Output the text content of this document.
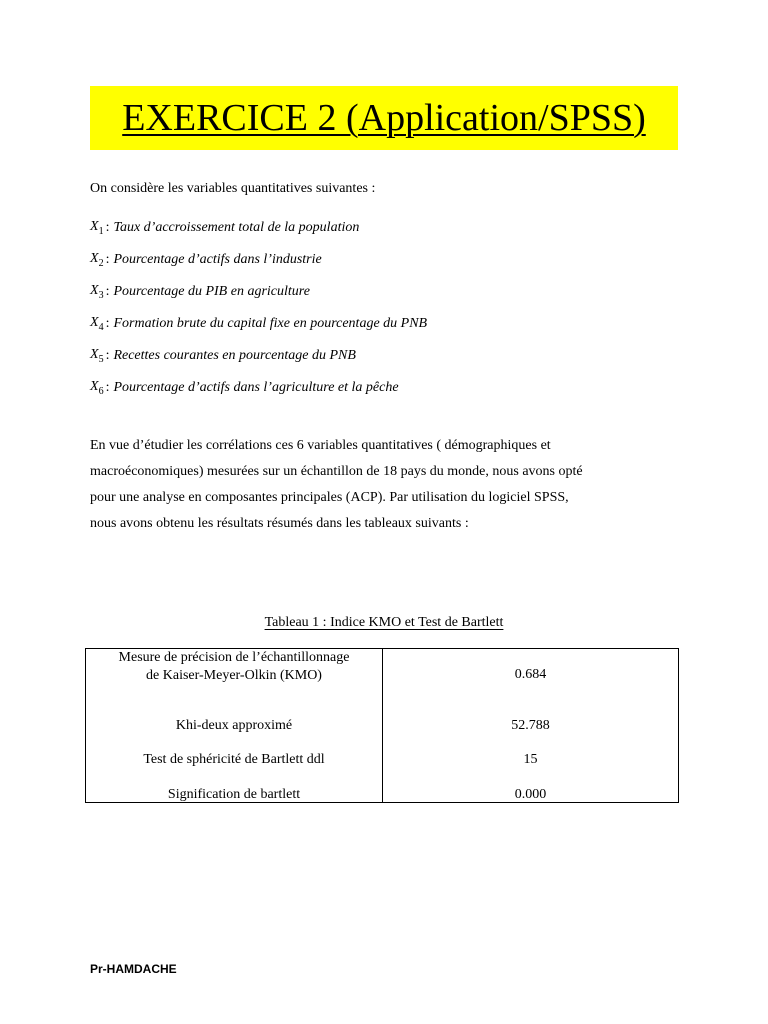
EXERCICE 2 (Application/SPSS)
On considère les variables quantitatives suivantes :
$X_1$ : Taux d’accroissement total de la population
$X_2$ : Pourcentage d’actifs dans l’industrie
$X_3$ : Pourcentage du PIB en agriculture
$X_4$ : Formation brute du capital fixe en pourcentage du PNB
$X_5$ : Recettes courantes en pourcentage du PNB
$X_6$ : Pourcentage d’actifs dans l’agriculture et la pêche
En vue d’étudier les corrélations ces 6 variables quantitatives ( démographiques et
macroéconomiques) mesurées sur un échantillon de 18 pays du monde, nous avons opté
pour une analyse en composantes principales (ACP). Par utilisation du logiciel SPSS,
nous avons obtenu les résultats résumés dans les tableaux suivants :
Tableau 1 : Indice KMO et Test de Bartlett
Mesure de précision de l’échantillonnage
de Kaiser-Meyer-Olkin (KMO)
Khi-deux approximé
Test de sphéricité de Bartlett ddl
Signification de bartlett
0.684
52.788
15
0.000
Pr-HAMDACHE
